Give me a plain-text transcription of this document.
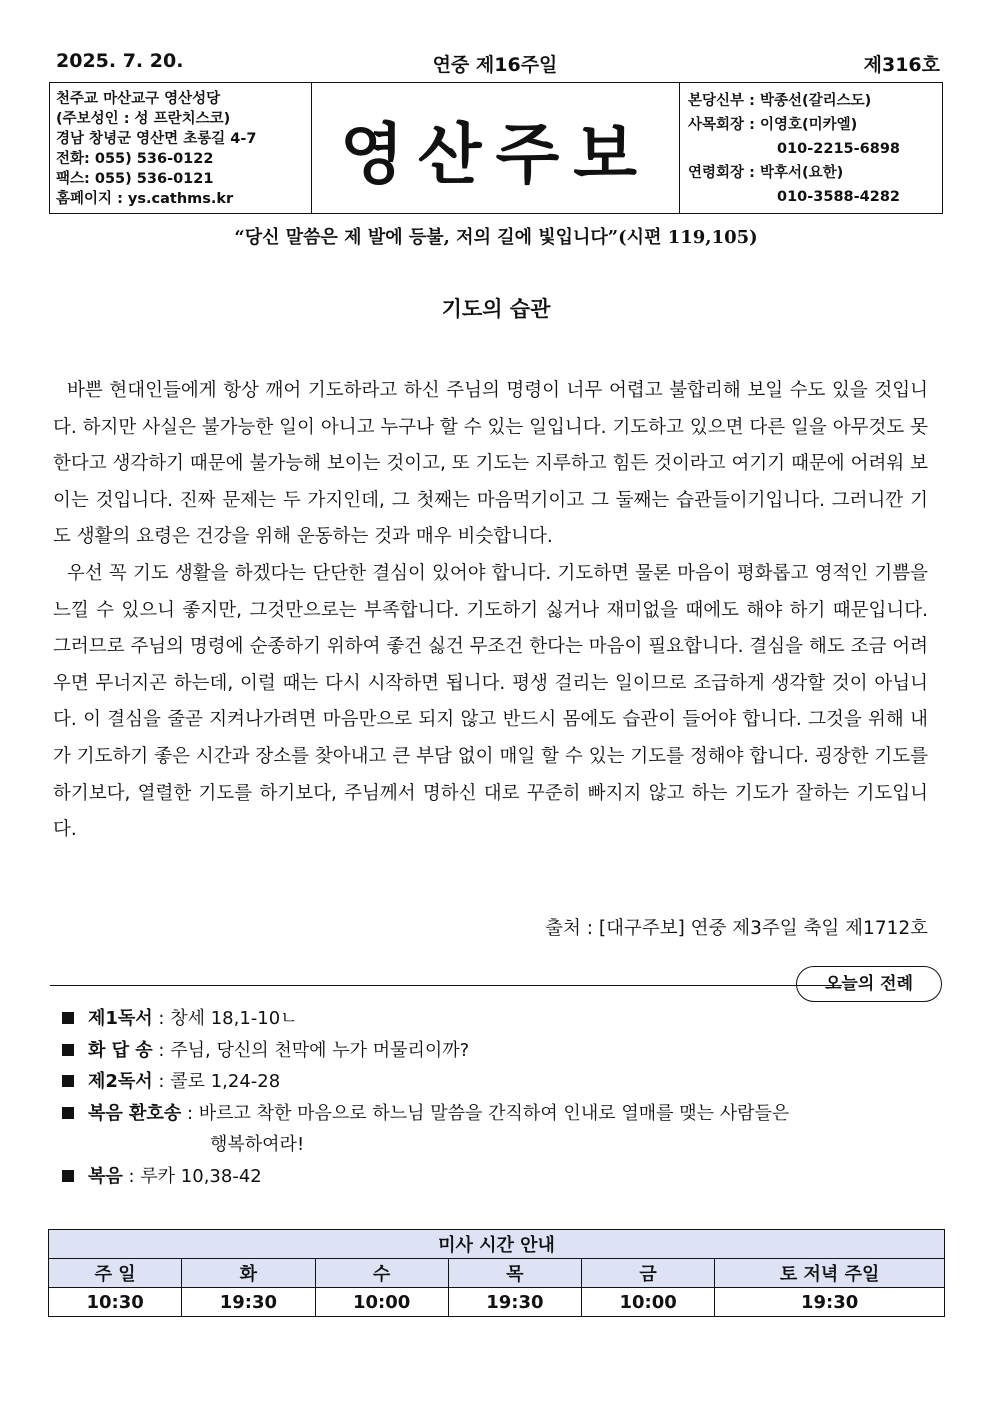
2025. 7. 20.	연중 제16주일	제316호
천주교 마산교구 영산성당
(주보성인 : 성 프란치스코)
경남 창녕군 영산면 초롱길 4-7
전화: 055) 536-0122
팩스: 055) 536-0121
홈페이지 : ys.cathms.kr
영산주보
본당신부 : 박종선(갈리스도)
사목회장 : 이영호(미카엘)
010-2215-6898
연령회장 : 박후서(요한)
010-3588-4282
“당신 말씀은 제 발에 등불, 저의 길에 빛입니다”(시편 119,105)
기도의 습관

바쁜 현대인들에게 항상 깨어 기도하라고 하신 주님의 명령이 너무 어렵고 불합리해 보일 수도 있을 것입니다. 하지만 사실은 불가능한 일이 아니고 누구나 할 수 있는 일입니다. 기도하고 있으면 다른 일을 아무것도 못한다고 생각하기 때문에 불가능해 보이는 것이고, 또 기도는 지루하고 힘든 것이라고 여기기 때문에 어려워 보이는 것입니다. 진짜 문제는 두 가지인데, 그 첫째는 마음먹기이고 그 둘째는 습관들이기입니다. 그러니깐 기도 생활의 요령은 건강을 위해 운동하는 것과 매우 비슷합니다.

우선 꼭 기도 생활을 하겠다는 단단한 결심이 있어야 합니다. 기도하면 물론 마음이 평화롭고 영적인 기쁨을 느낄 수 있으니 좋지만, 그것만으로는 부족합니다. 기도하기 싫거나 재미없을 때에도 해야 하기 때문입니다. 그러므로 주님의 명령에 순종하기 위하여 좋건 싫건 무조건 한다는 마음이 필요합니다. 결심을 해도 조금 어려우면 무너지곤 하는데, 이럴 때는 다시 시작하면 됩니다. 평생 걸리는 일이므로 조급하게 생각할 것이 아닙니다. 이 결심을 줄곧 지켜나가려면 마음만으로 되지 않고 반드시 몸에도 습관이 들어야 합니다. 그것을 위해 내가 기도하기 좋은 시간과 장소를 찾아내고 큰 부담 없이 매일 할 수 있는 기도를 정해야 합니다. 굉장한 기도를 하기보다, 열렬한 기도를 하기보다, 주님께서 명하신 대로 꾸준히 빠지지 않고 하는 기도가 잘하는 기도입니다.

출처 : [대구주보] 연중 제3주일 축일 제1712호
오늘의 전례
제1독서 : 창세 18,1-10ㄴ
화 답 송 : 주님, 당신의 천막에 누가 머물리이까?
제2독서 : 콜로 1,24-28
복음 환호송 : 바르고 착한 마음으로 하느님 말씀을 간직하여 인내로 열매를 맺는 사람들은
행복하여라!
복음 : 루카 10,38-42
미사 시간 안내					
주 일	화	수	목	금	토 저녁 주일
10:30	19:30	10:00	19:30	10:00	19:30
